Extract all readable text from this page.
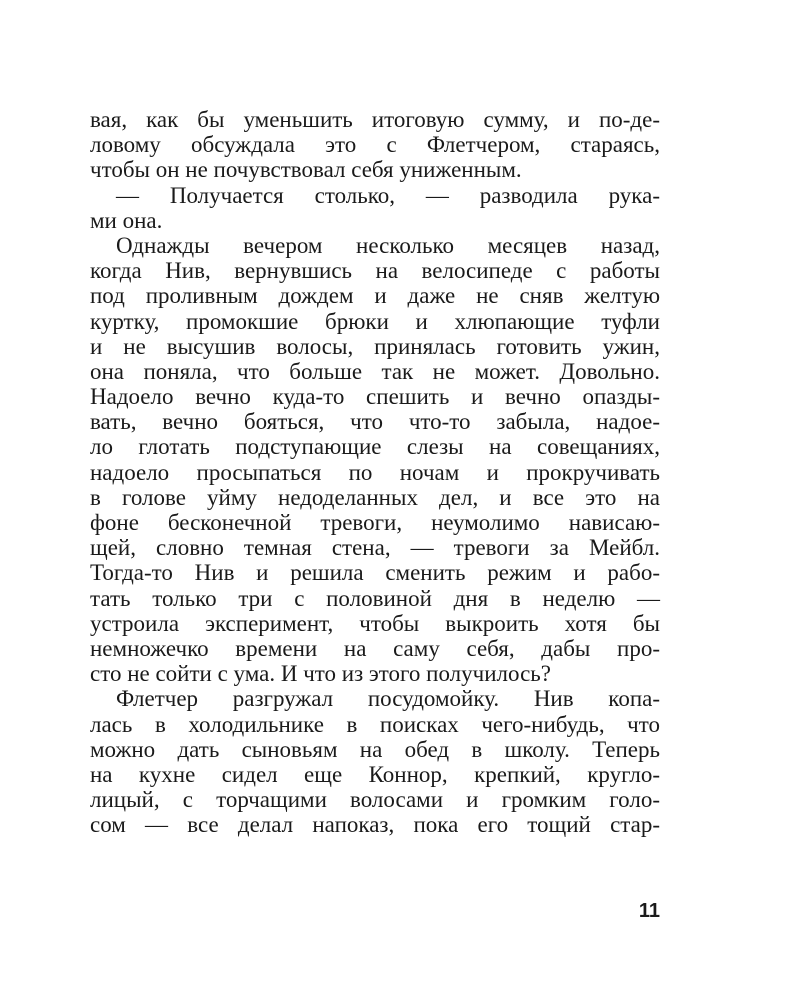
вая, как бы уменьшить итоговую сумму, и по-де-
ловому обсуждала это с Флетчером, стараясь,
чтобы он не почувствовал себя униженным.
— Получается столько, — разводила рука-
ми она.
Однажды вечером несколько месяцев назад,
когда Нив, вернувшись на велосипеде с работы
под проливным дождем и даже не сняв желтую
куртку, промокшие брюки и хлюпающие туфли
и не высушив волосы, принялась готовить ужин,
она поняла, что больше так не может. Довольно.
Надоело вечно куда-то спешить и вечно опазды-
вать, вечно бояться, что что-то забыла, надое-
ло глотать подступающие слезы на совещаниях,
надоело просыпаться по ночам и прокручивать
в голове уйму недоделанных дел, и все это на
фоне бесконечной тревоги, неумолимо нависаю-
щей, словно темная стена, — тревоги за Мейбл.
Тогда-то Нив и решила сменить режим и рабо-
тать только три с половиной дня в неделю —
устроила эксперимент, чтобы выкроить хотя бы
немножечко времени на саму себя, дабы про-
сто не сойти с ума. И что из этого получилось?
Флетчер разгружал посудомойку. Нив копа-
лась в холодильнике в поисках чего-нибудь, что
можно дать сыновьям на обед в школу. Теперь
на кухне сидел еще Коннор, крепкий, кругло-
лицый, с торчащими волосами и громким голо-
сом — все делал напоказ, пока его тощий стар-
11
